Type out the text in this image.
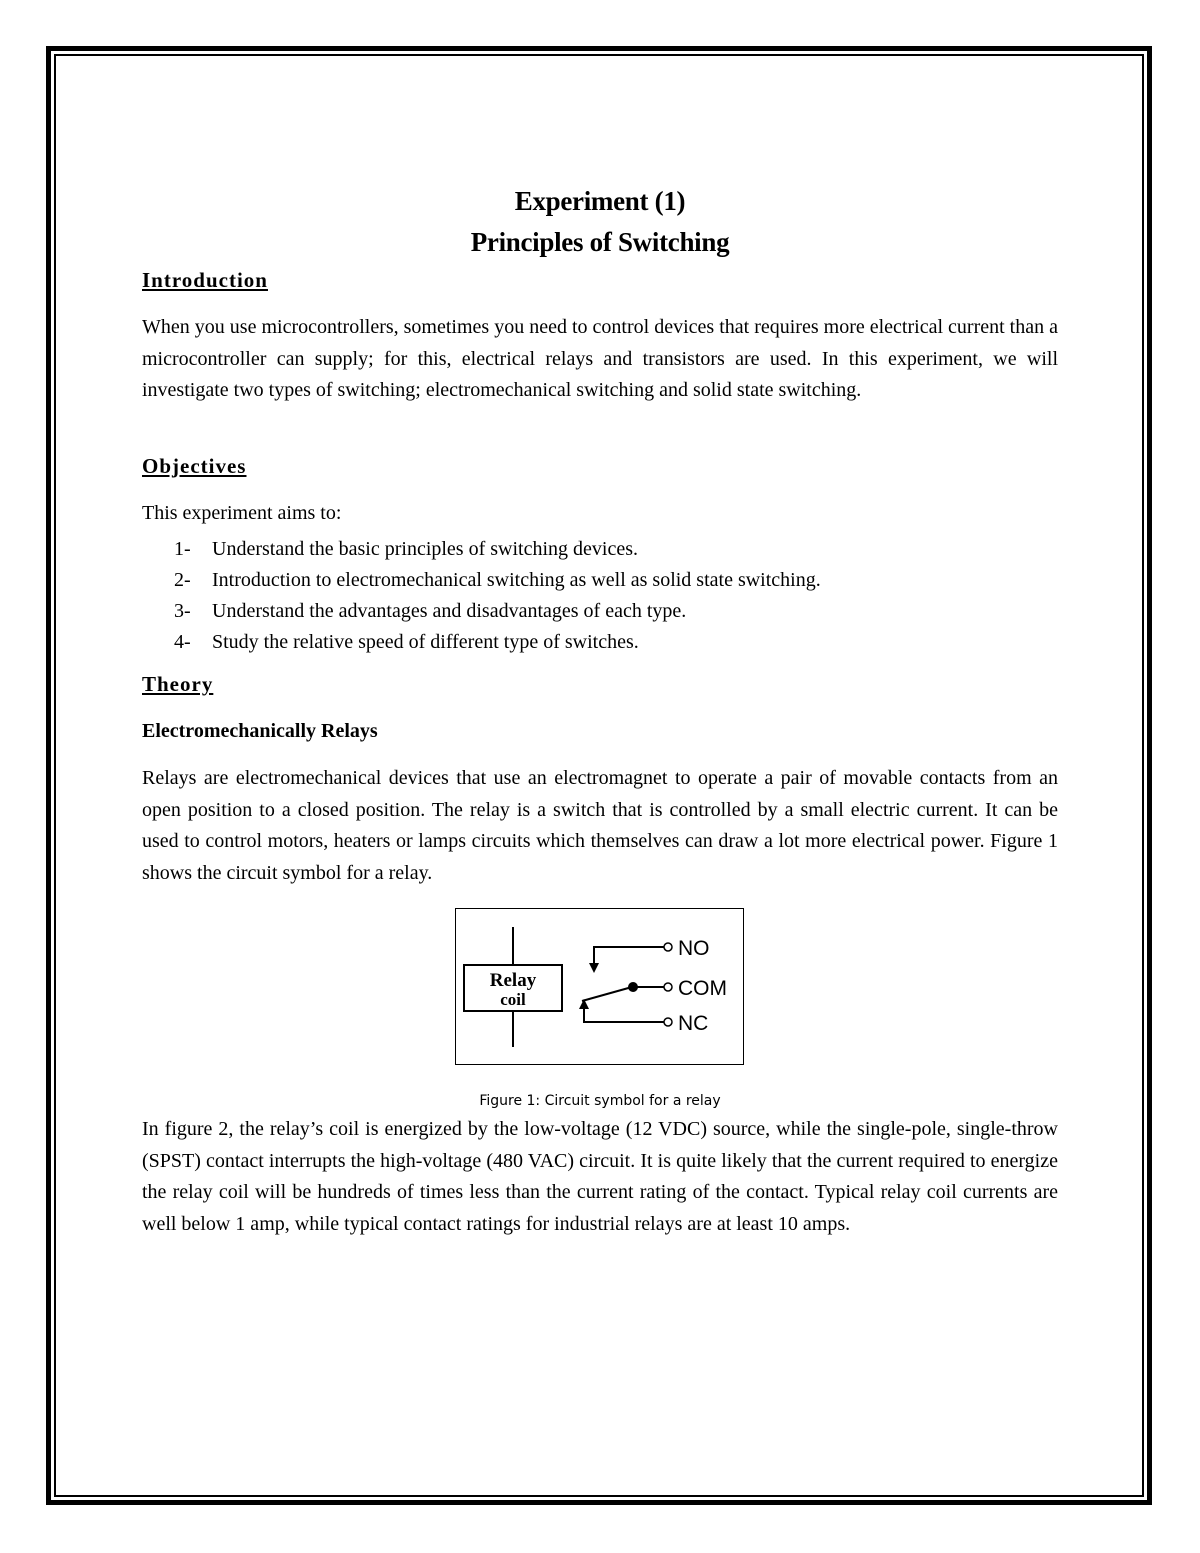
Experiment (1)
Principles of Switching
Introduction

When you use microcontrollers, sometimes you need to control devices that requires more electrical current than a microcontroller can supply; for this, electrical relays and transistors are used. In this experiment, we will investigate two types of switching; electromechanical switching and solid state switching.

Objectives

This experiment aims to:

1- Understand the basic principles of switching devices.
2- Introduction to electromechanical switching as well as solid state switching.
3- Understand the advantages and disadvantages of each type.
4- Study the relative speed of different type of switches.
Theory
Electromechanically Relays

Relays are electromechanical devices that use an electromagnet to operate a pair of movable contacts from an open position to a closed position. The relay is a switch that is controlled by a small electric current. It can be used to control motors, heaters or lamps circuits which themselves can draw a lot more electrical power. Figure 1 shows the circuit symbol for a relay.

Relay
coil
NO
COM
NC

Figure 1: Circuit symbol for a relay

In figure 2, the relay’s coil is energized by the low-voltage (12 VDC) source, while the single-pole, single-throw (SPST) contact interrupts the high-voltage (480 VAC) circuit. It is quite likely that the current required to energize the relay coil will be hundreds of times less than the current rating of the contact. Typical relay coil currents are well below 1 amp, while typical contact ratings for industrial relays are at least 10 amps.
